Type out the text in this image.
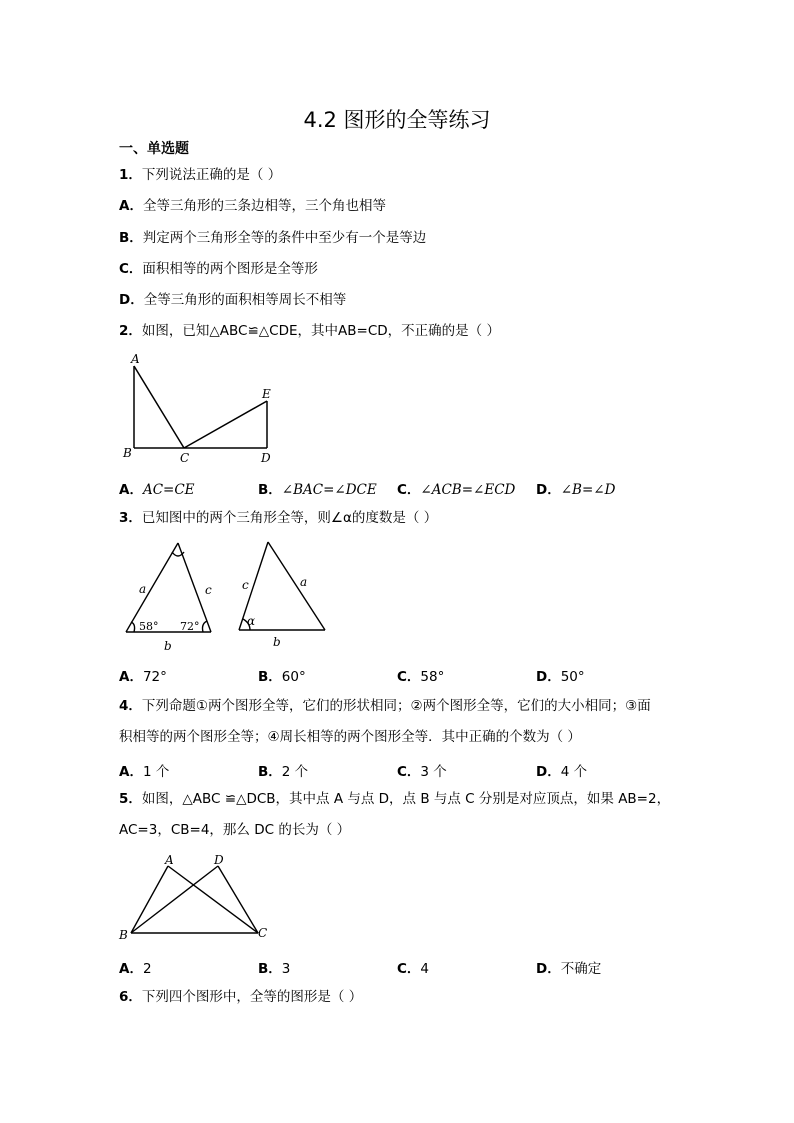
4.2 图形的全等练习
一、单选题
1．下列说法正确的是（ ）
A．全等三角形的三条边相等，三个角也相等
B．判定两个三角形全等的条件中至少有一个是等边
C．面积相等的两个图形是全等形
D．全等三角形的面积相等周长不相等
2．如图，已知△ABC≌△CDE，其中AB=CD，不正确的是（ ）
A
B	C	D
E
A．AC=CE	B．∠BAC=∠DCE C．∠ACB=∠ECD D．∠B=∠D
3．已知图中的两个三角形全等，则∠α的度数是（ ）
a	c
b
58° 72°
c	a
b
α
A．72°	B．60°	C．58°	D．50°
4．下列命题①两个图形全等，它们的形状相同；②两个图形全等，它们的大小相同；③面
积相等的两个图形全等；④周长相等的两个图形全等．其中正确的个数为（ ）
A．1 个	B．2 个	C．3 个	D．4 个
5．如图，△ABC ≌△DCB，其中点 A 与点 D，点 B 与点 C 分别是对应顶点，如果 AB=2，
AC=3，CB=4，那么 DC 的长为（ ）
A	D
B	C
A．2	B．3	C．4	D．不确定
6．下列四个图形中，全等的图形是（ ）
